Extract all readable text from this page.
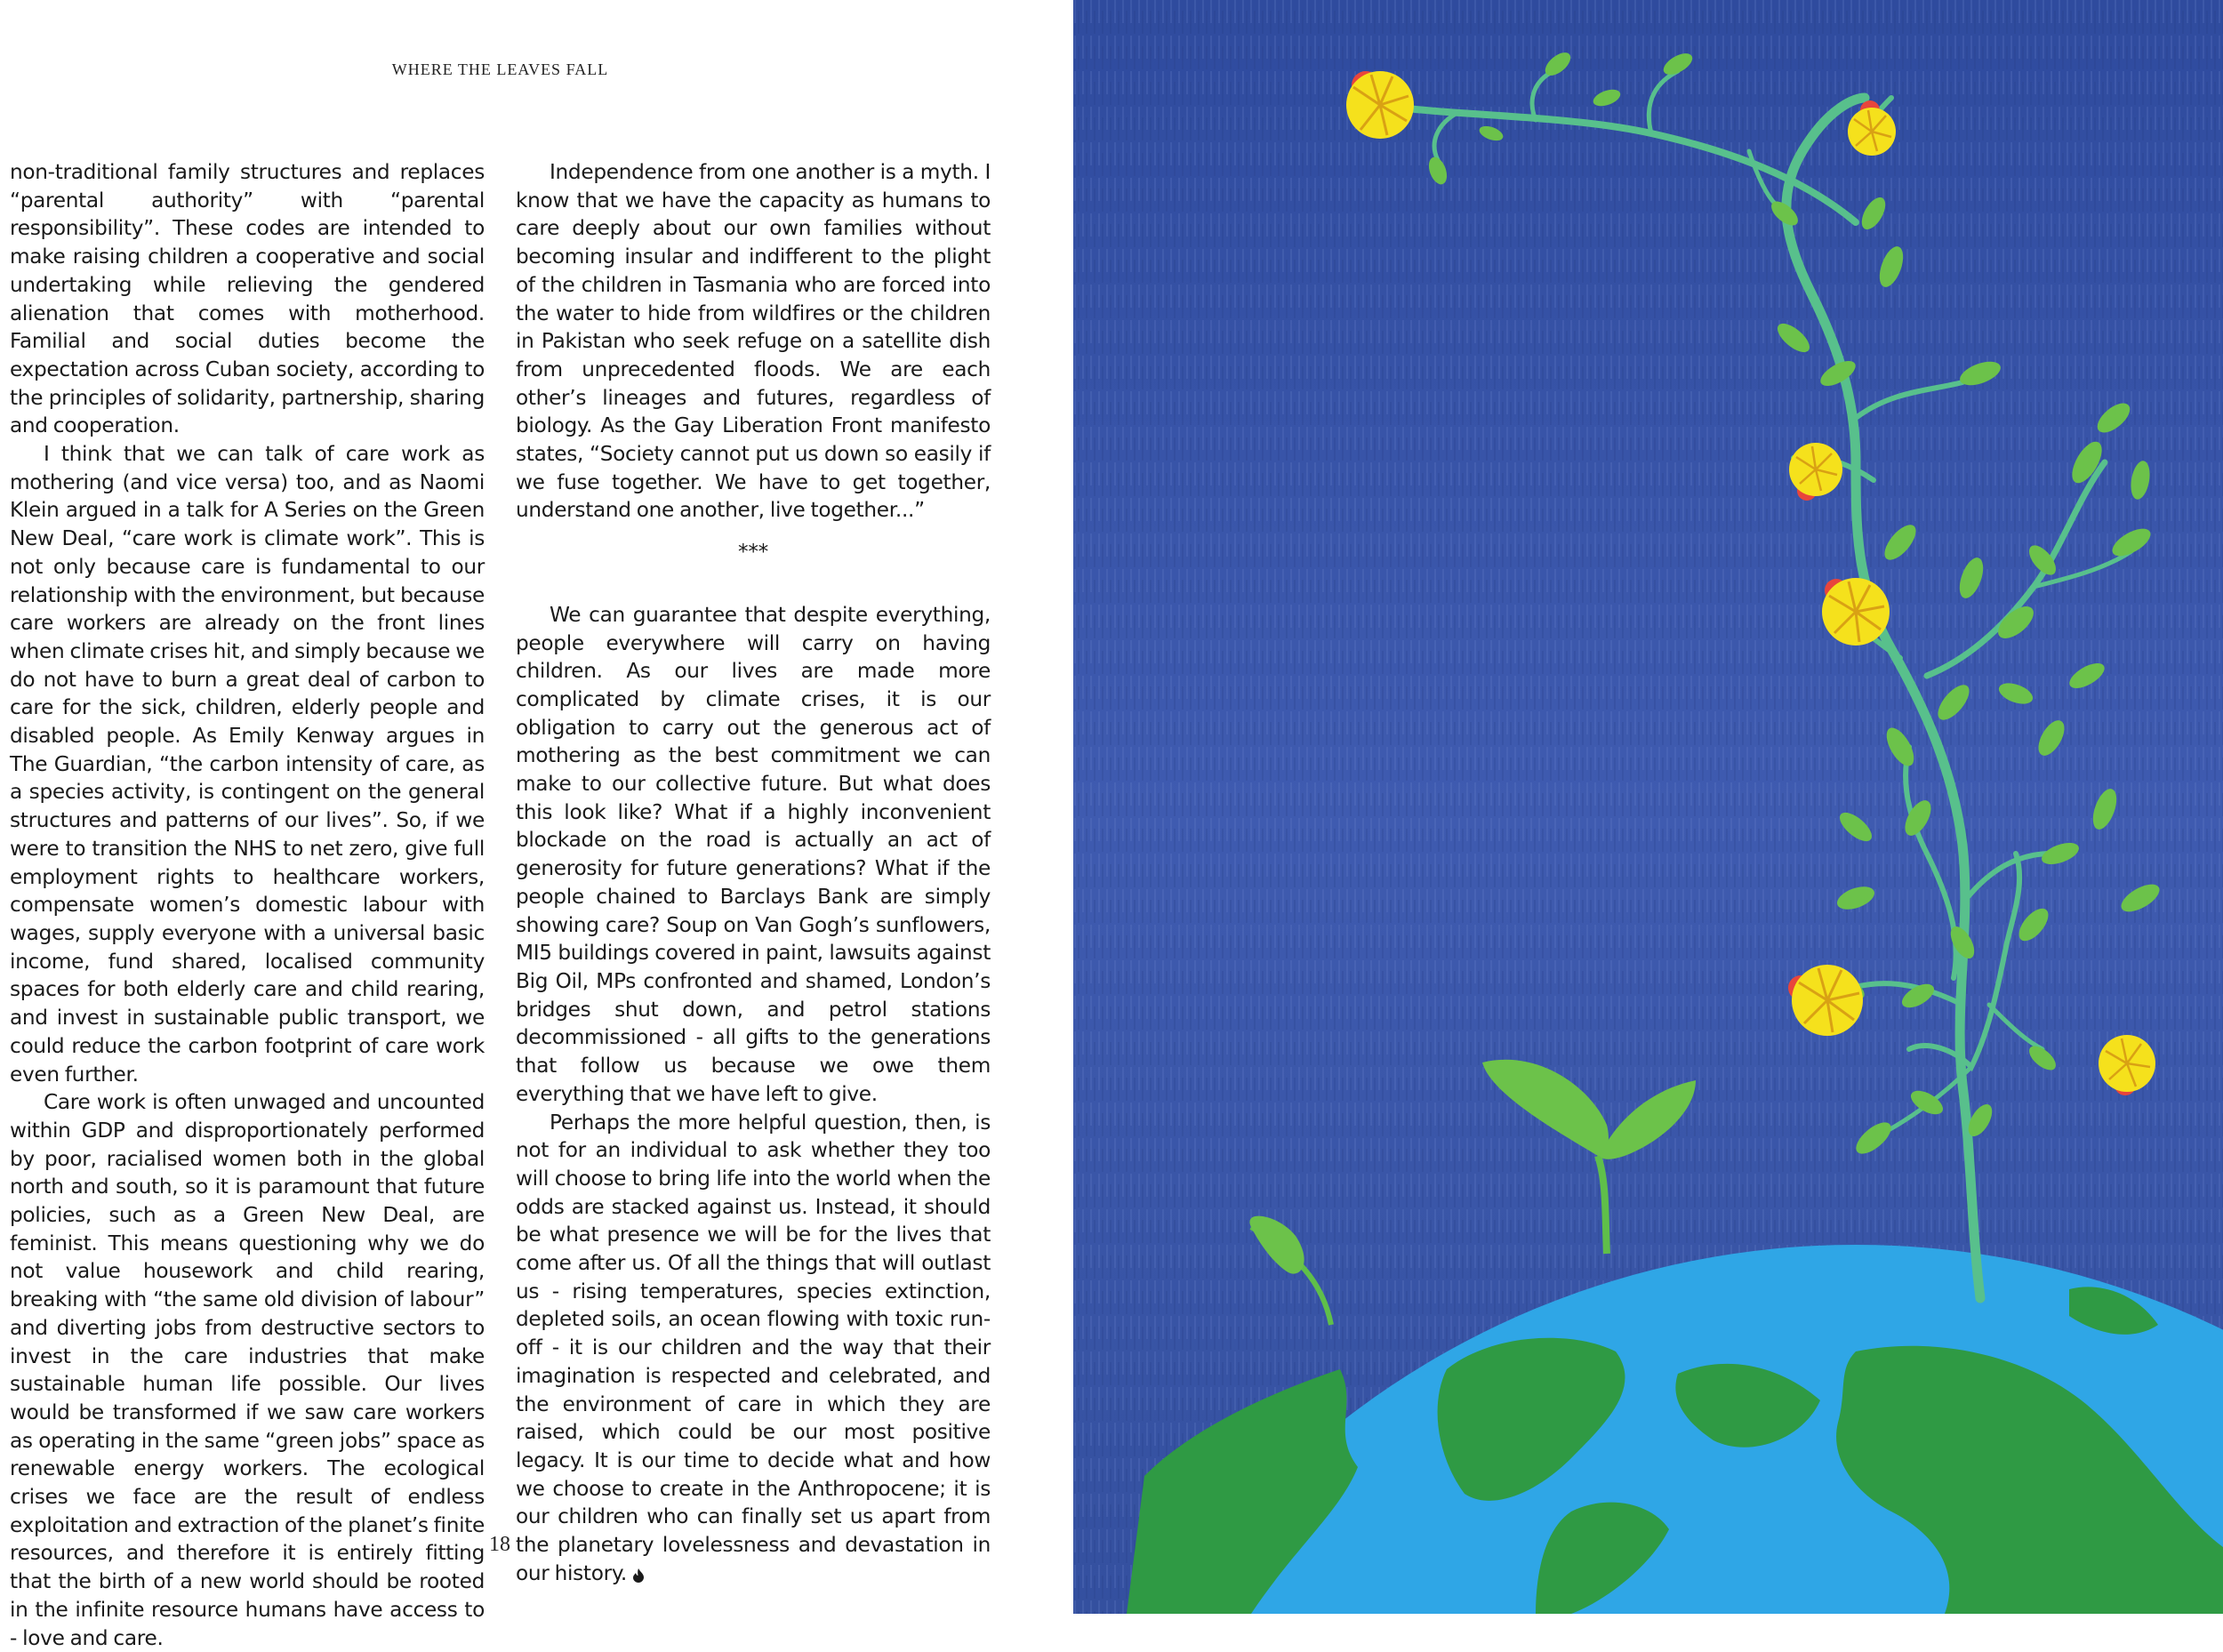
WHERE THE LEAVES FALL

non-traditional family structures and replaces “parental authority” with “parental responsibility”. These codes are intended to make raising children a cooperative and social undertaking while relieving the gendered alienation that comes with motherhood. Familial and social duties become the expectation across Cuban society, according to the principles of solidarity, partnership, sharing and cooperation.

I think that we can talk of care work as mothering (and vice versa) too, and as Naomi Klein argued in a talk for A Series on the Green New Deal, “care work is climate work”. This is not only because care is fundamental to our relationship with the environment, but because care workers are already on the front lines when climate crises hit, and simply because we do not have to burn a great deal of carbon to care for the sick, children, elderly people and disabled people. As Emily Kenway argues in The Guardian, “the carbon intensity of care, as a species activity, is contingent on the general structures and patterns of our lives”. So, if we were to transition the NHS to net zero, give full employment rights to healthcare workers, compensate women’s domestic labour with wages, supply everyone with a universal basic income, fund shared, localised community spaces for both elderly care and child rearing, and invest in sustainable public transport, we could reduce the carbon footprint of care work even further.

Care work is often unwaged and uncounted within GDP and disproportionately performed by poor, racialised women both in the global north and south, so it is paramount that future policies, such as a Green New Deal, are feminist. This means questioning why we do not value housework and child rearing, breaking with “the same old division of labour” and diverting jobs from destructive sectors to invest in the care industries that make sustainable human life possible. Our lives would be transformed if we saw care workers as operating in the same “green jobs” space as renewable energy workers. The ecological crises we face are the result of endless exploitation and extraction of the planet’s finite resources, and therefore it is entirely fitting that the birth of a new world should be rooted in the infinite resource humans have access to - love and care.

Independence from one another is a myth. I know that we have the capacity as humans to care deeply about our own families without becoming insular and indifferent to the plight of the children in Tasmania who are forced into the water to hide from wildfires or the children in Pakistan who seek refuge on a satellite dish from unprecedented floods. We are each other’s lineages and futures, regardless of biology. As the Gay Liberation Front manifesto states, “Society cannot put us down so easily if we fuse together. We have to get together, understand one another, live together...”

***

We can guarantee that despite everything, people everywhere will carry on having children. As our lives are made more complicated by climate crises, it is our obligation to carry out the generous act of mothering as the best commitment we can make to our collective future. But what does this look like? What if a highly inconvenient blockade on the road is actually an act of generosity for future generations? What if the people chained to Barclays Bank are simply showing care? Soup on Van Gogh’s sunflowers, MI5 buildings covered in paint, lawsuits against Big Oil, MPs confronted and shamed, London’s bridges shut down, and petrol stations decommissioned - all gifts to the generations that follow us because we owe them everything that we have left to give.

Perhaps the more helpful question, then, is not for an individual to ask whether they too will choose to bring life into the world when the odds are stacked against us. Instead, it should be what presence we will be for the lives that come after us. Of all the things that will outlast us - rising temperatures, species extinction, depleted soils, an ocean flowing with toxic run-off - it is our children and the way that their imagination is respected and celebrated, and the environment of care in which they are raised, which could be our most positive legacy. It is our time to decide what and how we choose to create in the Anthropocene; it is our children who can finally set us apart from the planetary lovelessness and devastation in our history.

18
